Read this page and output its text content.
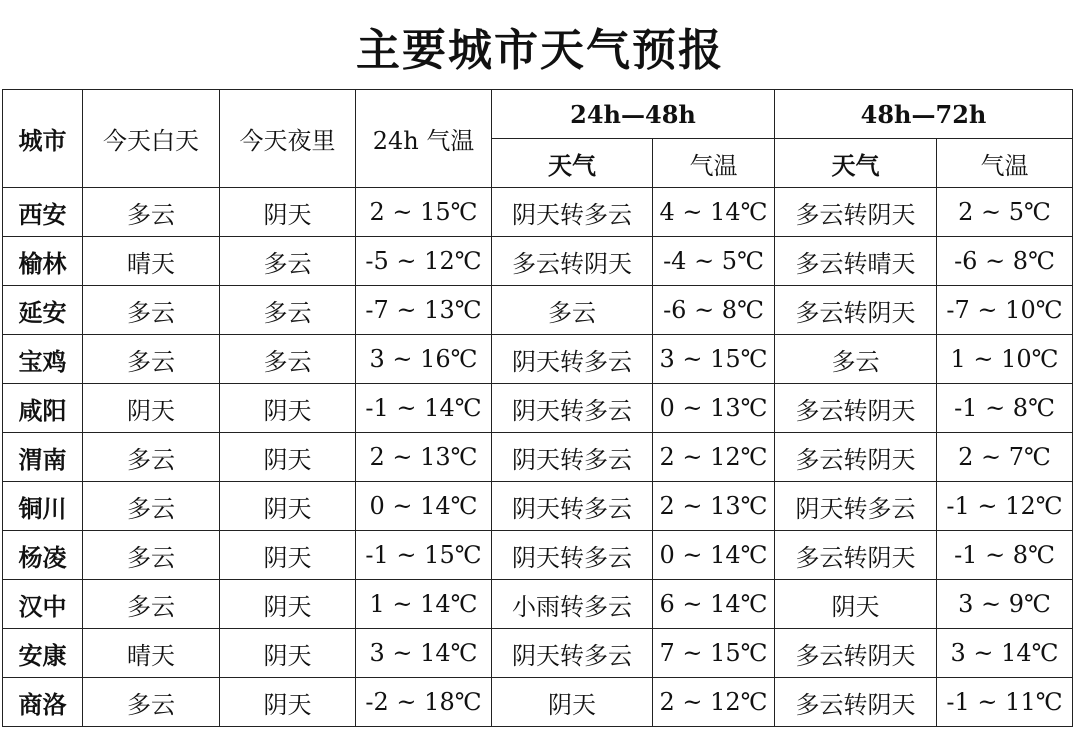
主要城市天气预报
城市	今天白天	今天夜里	24h 气温	24h—48h		48h—72h	
				天气	气温	天气	气温
西安	多云	阴天	2 ~ 15℃	阴天转多云	4 ~ 14℃	多云转阴天	2 ~ 5℃
榆林	晴天	多云	-5 ~ 12℃	多云转阴天	-4 ~ 5℃	多云转晴天	-6 ~ 8℃
延安	多云	多云	-7 ~ 13℃	多云	-6 ~ 8℃	多云转阴天	-7 ~ 10℃
宝鸡	多云	多云	3 ~ 16℃	阴天转多云	3 ~ 15℃	多云	1 ~ 10℃
咸阳	阴天	阴天	-1 ~ 14℃	阴天转多云	0 ~ 13℃	多云转阴天	-1 ~ 8℃
渭南	多云	阴天	2 ~ 13℃	阴天转多云	2 ~ 12℃	多云转阴天	2 ~ 7℃
铜川	多云	阴天	0 ~ 14℃	阴天转多云	2 ~ 13℃	阴天转多云	-1 ~ 12℃
杨凌	多云	阴天	-1 ~ 15℃	阴天转多云	0 ~ 14℃	多云转阴天	-1 ~ 8℃
汉中	多云	阴天	1 ~ 14℃	小雨转多云	6 ~ 14℃	阴天	3 ~ 9℃
安康	晴天	阴天	3 ~ 14℃	阴天转多云	7 ~ 15℃	多云转阴天	3 ~ 14℃
商洛	多云	阴天	-2 ~ 18℃	阴天	2 ~ 12℃	多云转阴天	-1 ~ 11℃
